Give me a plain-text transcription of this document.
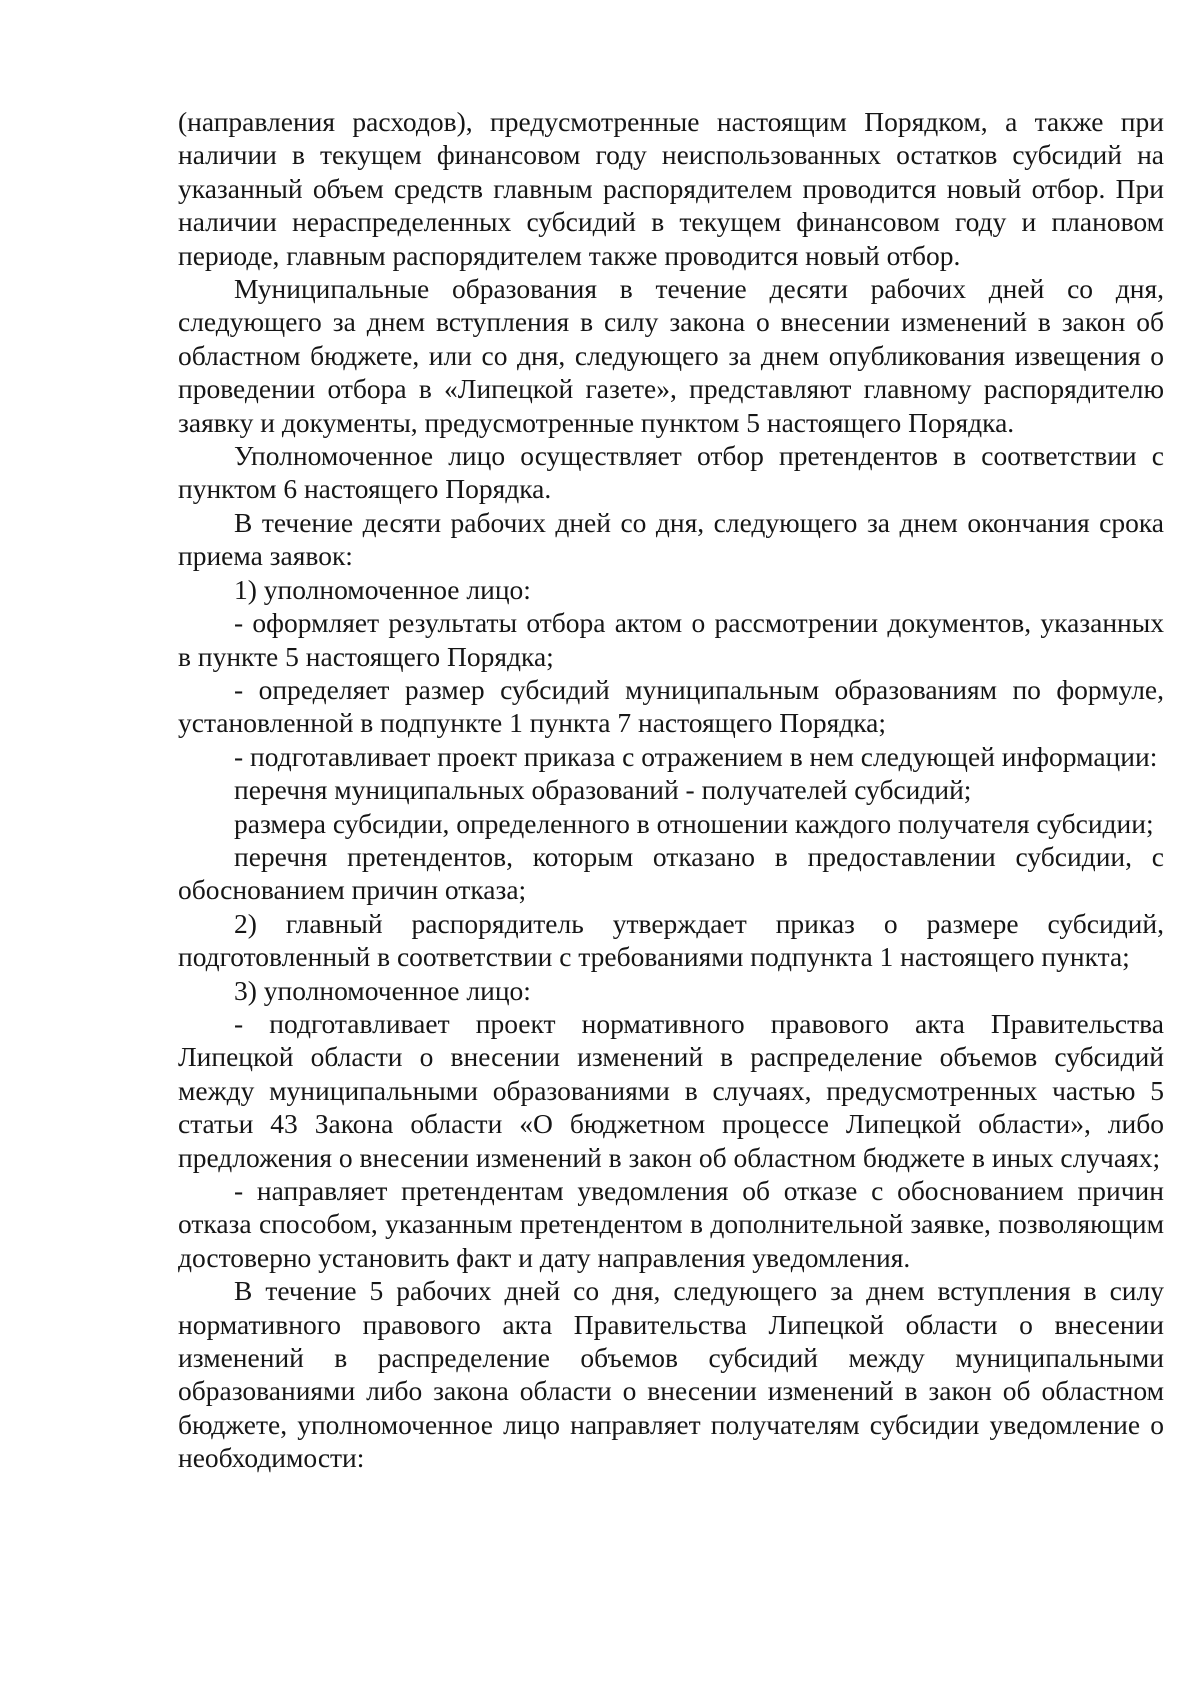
(направления расходов), предусмотренные настоящим Порядком, а также при наличии в текущем финансовом году неиспользованных остатков субсидий на указанный объем средств главным распорядителем проводится новый отбор. При наличии нераспределенных субсидий в текущем финансовом году и плановом периоде, главным распорядителем также проводится новый отбор.

Муниципальные образования в течение десяти рабочих дней со дня, следующего за днем вступления в силу закона о внесении изменений в закон об областном бюджете, или со дня, следующего за днем опубликования извещения о проведении отбора в «Липецкой газете», представляют главному распорядителю заявку и документы, предусмотренные пунктом 5 настоящего Порядка.

Уполномоченное лицо осуществляет отбор претендентов в соответствии с пунктом 6 настоящего Порядка.

В течение десяти рабочих дней со дня, следующего за днем окончания срока приема заявок:

1) уполномоченное лицо:

- оформляет результаты отбора актом о рассмотрении документов, указанных в пункте 5 настоящего Порядка;

- определяет размер субсидий муниципальным образованиям по формуле, установленной в подпункте 1 пункта 7 настоящего Порядка;

- подготавливает проект приказа с отражением в нем следующей информации:

перечня муниципальных образований - получателей субсидий;

размера субсидии, определенного в отношении каждого получателя субсидии;

перечня претендентов, которым отказано в предоставлении субсидии, с обоснованием причин отказа;

2) главный распорядитель утверждает приказ о размере субсидий, подготовленный в соответствии с требованиями подпункта 1 настоящего пункта;

3) уполномоченное лицо:

- подготавливает проект нормативного правового акта Правительства Липецкой области о внесении изменений в распределение объемов субсидий между муниципальными образованиями в случаях, предусмотренных частью 5 статьи 43 Закона области «О бюджетном процессе Липецкой области», либо предложения о внесении изменений в закон об областном бюджете в иных случаях;

- направляет претендентам уведомления об отказе с обоснованием причин отказа способом, указанным претендентом в дополнительной заявке, позволяющим достоверно установить факт и дату направления уведомления.

В течение 5 рабочих дней со дня, следующего за днем вступления в силу нормативного правового акта Правительства Липецкой области о внесении изменений в распределение объемов субсидий между муниципальными образованиями либо закона области о внесении изменений в закон об областном бюджете, уполномоченное лицо направляет получателям субсидии уведомление о необходимости:
